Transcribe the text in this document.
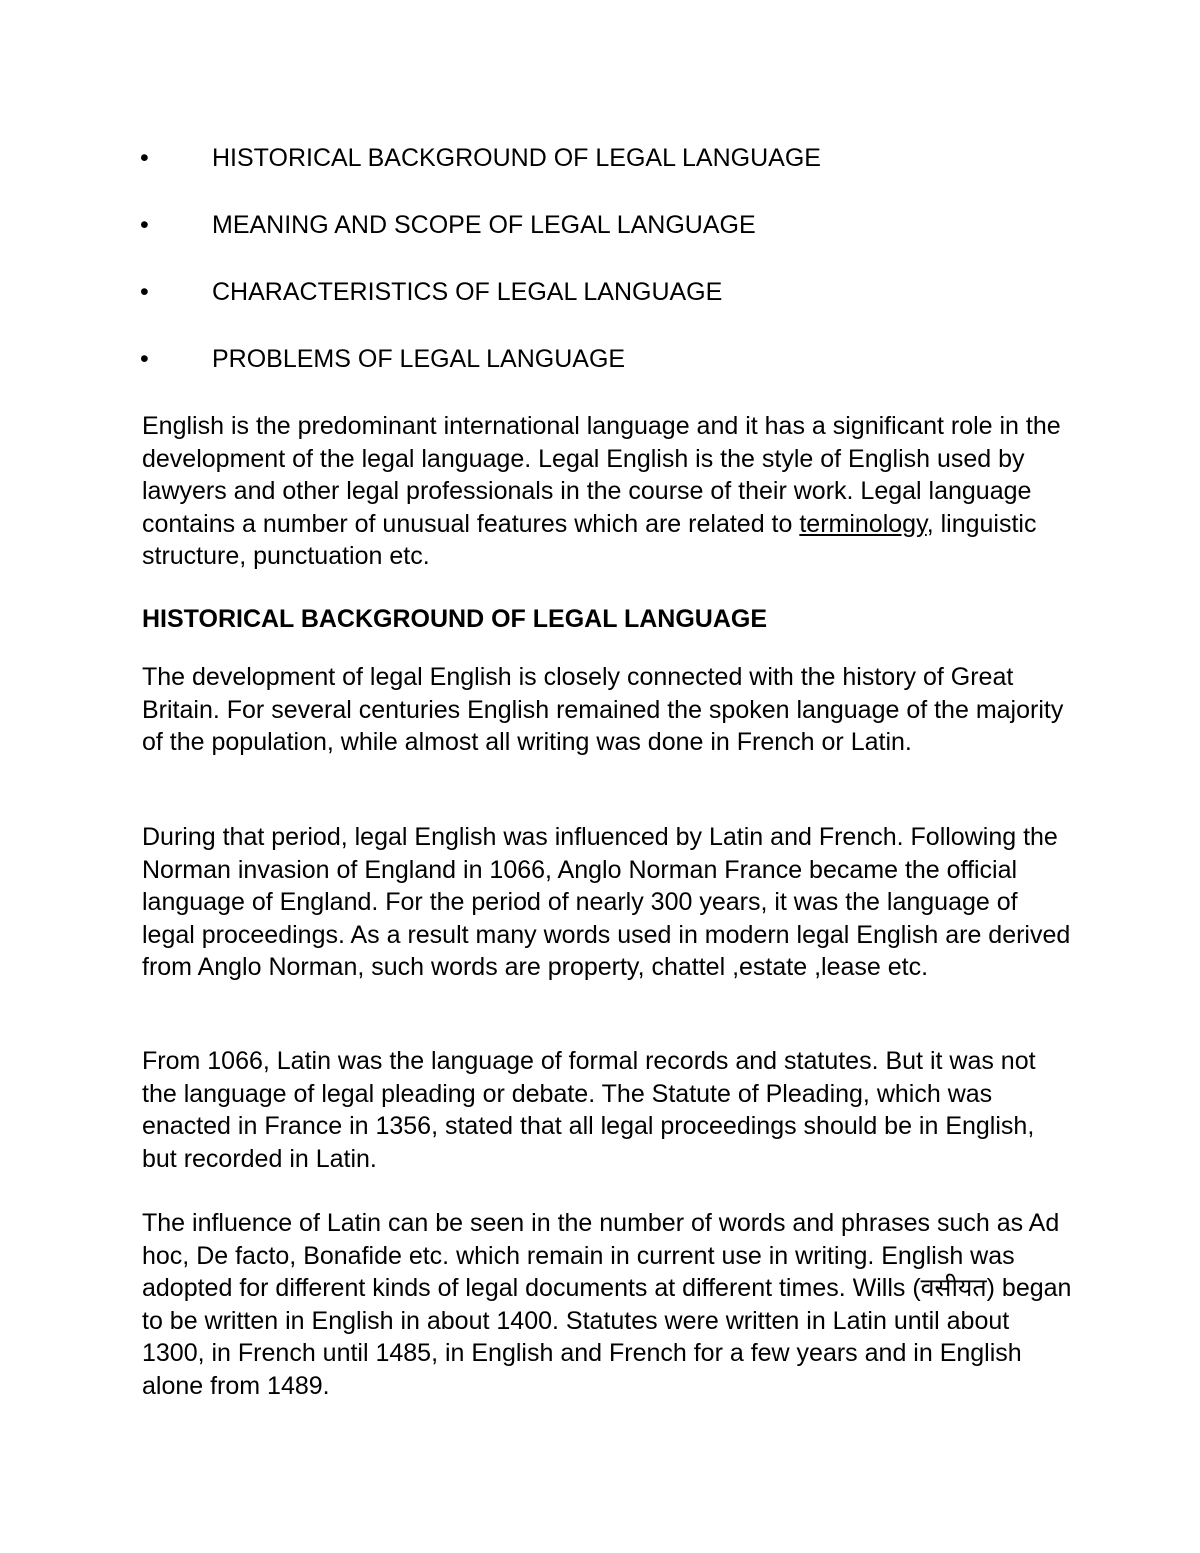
•	HISTORICAL BACKGROUND OF LEGAL LANGUAGE
•	MEANING AND SCOPE OF LEGAL LANGUAGE
•	CHARACTERISTICS OF LEGAL LANGUAGE
•	PROBLEMS OF LEGAL LANGUAGE

English is the predominant international language and it has a significant role in the development of the legal language. Legal English is the style of English used by lawyers and other legal professionals in the course of their work. Legal language contains a number of unusual features which are related to terminology, linguistic structure, punctuation etc.

HISTORICAL BACKGROUND OF LEGAL LANGUAGE

The development of legal English is closely connected with the history of Great Britain. For several centuries English remained the spoken language of the majority of the population, while almost all writing was done in French or Latin.

During that period, legal English was influenced by Latin and French. Following the Norman invasion of England in 1066, Anglo Norman France became the official language of England. For the period of nearly 300 years, it was the language of legal proceedings. As a result many words used in modern legal English are derived from Anglo Norman, such words are property, chattel ,estate ,lease etc.

From 1066, Latin was the language of formal records and statutes. But it was not the language of legal pleading or debate. The Statute of Pleading, which was enacted in France in 1356, stated that all legal proceedings should be in English, but recorded in Latin.

The influence of Latin can be seen in the number of words and phrases such as Ad hoc, De facto, Bonafide etc. which remain in current use in writing. English was adopted for different kinds of legal documents at different times. Wills (वसीयत) began to be written in English in about 1400. Statutes were written in Latin until about 1300, in French until 1485, in English and French for a few years and in English alone from 1489.
